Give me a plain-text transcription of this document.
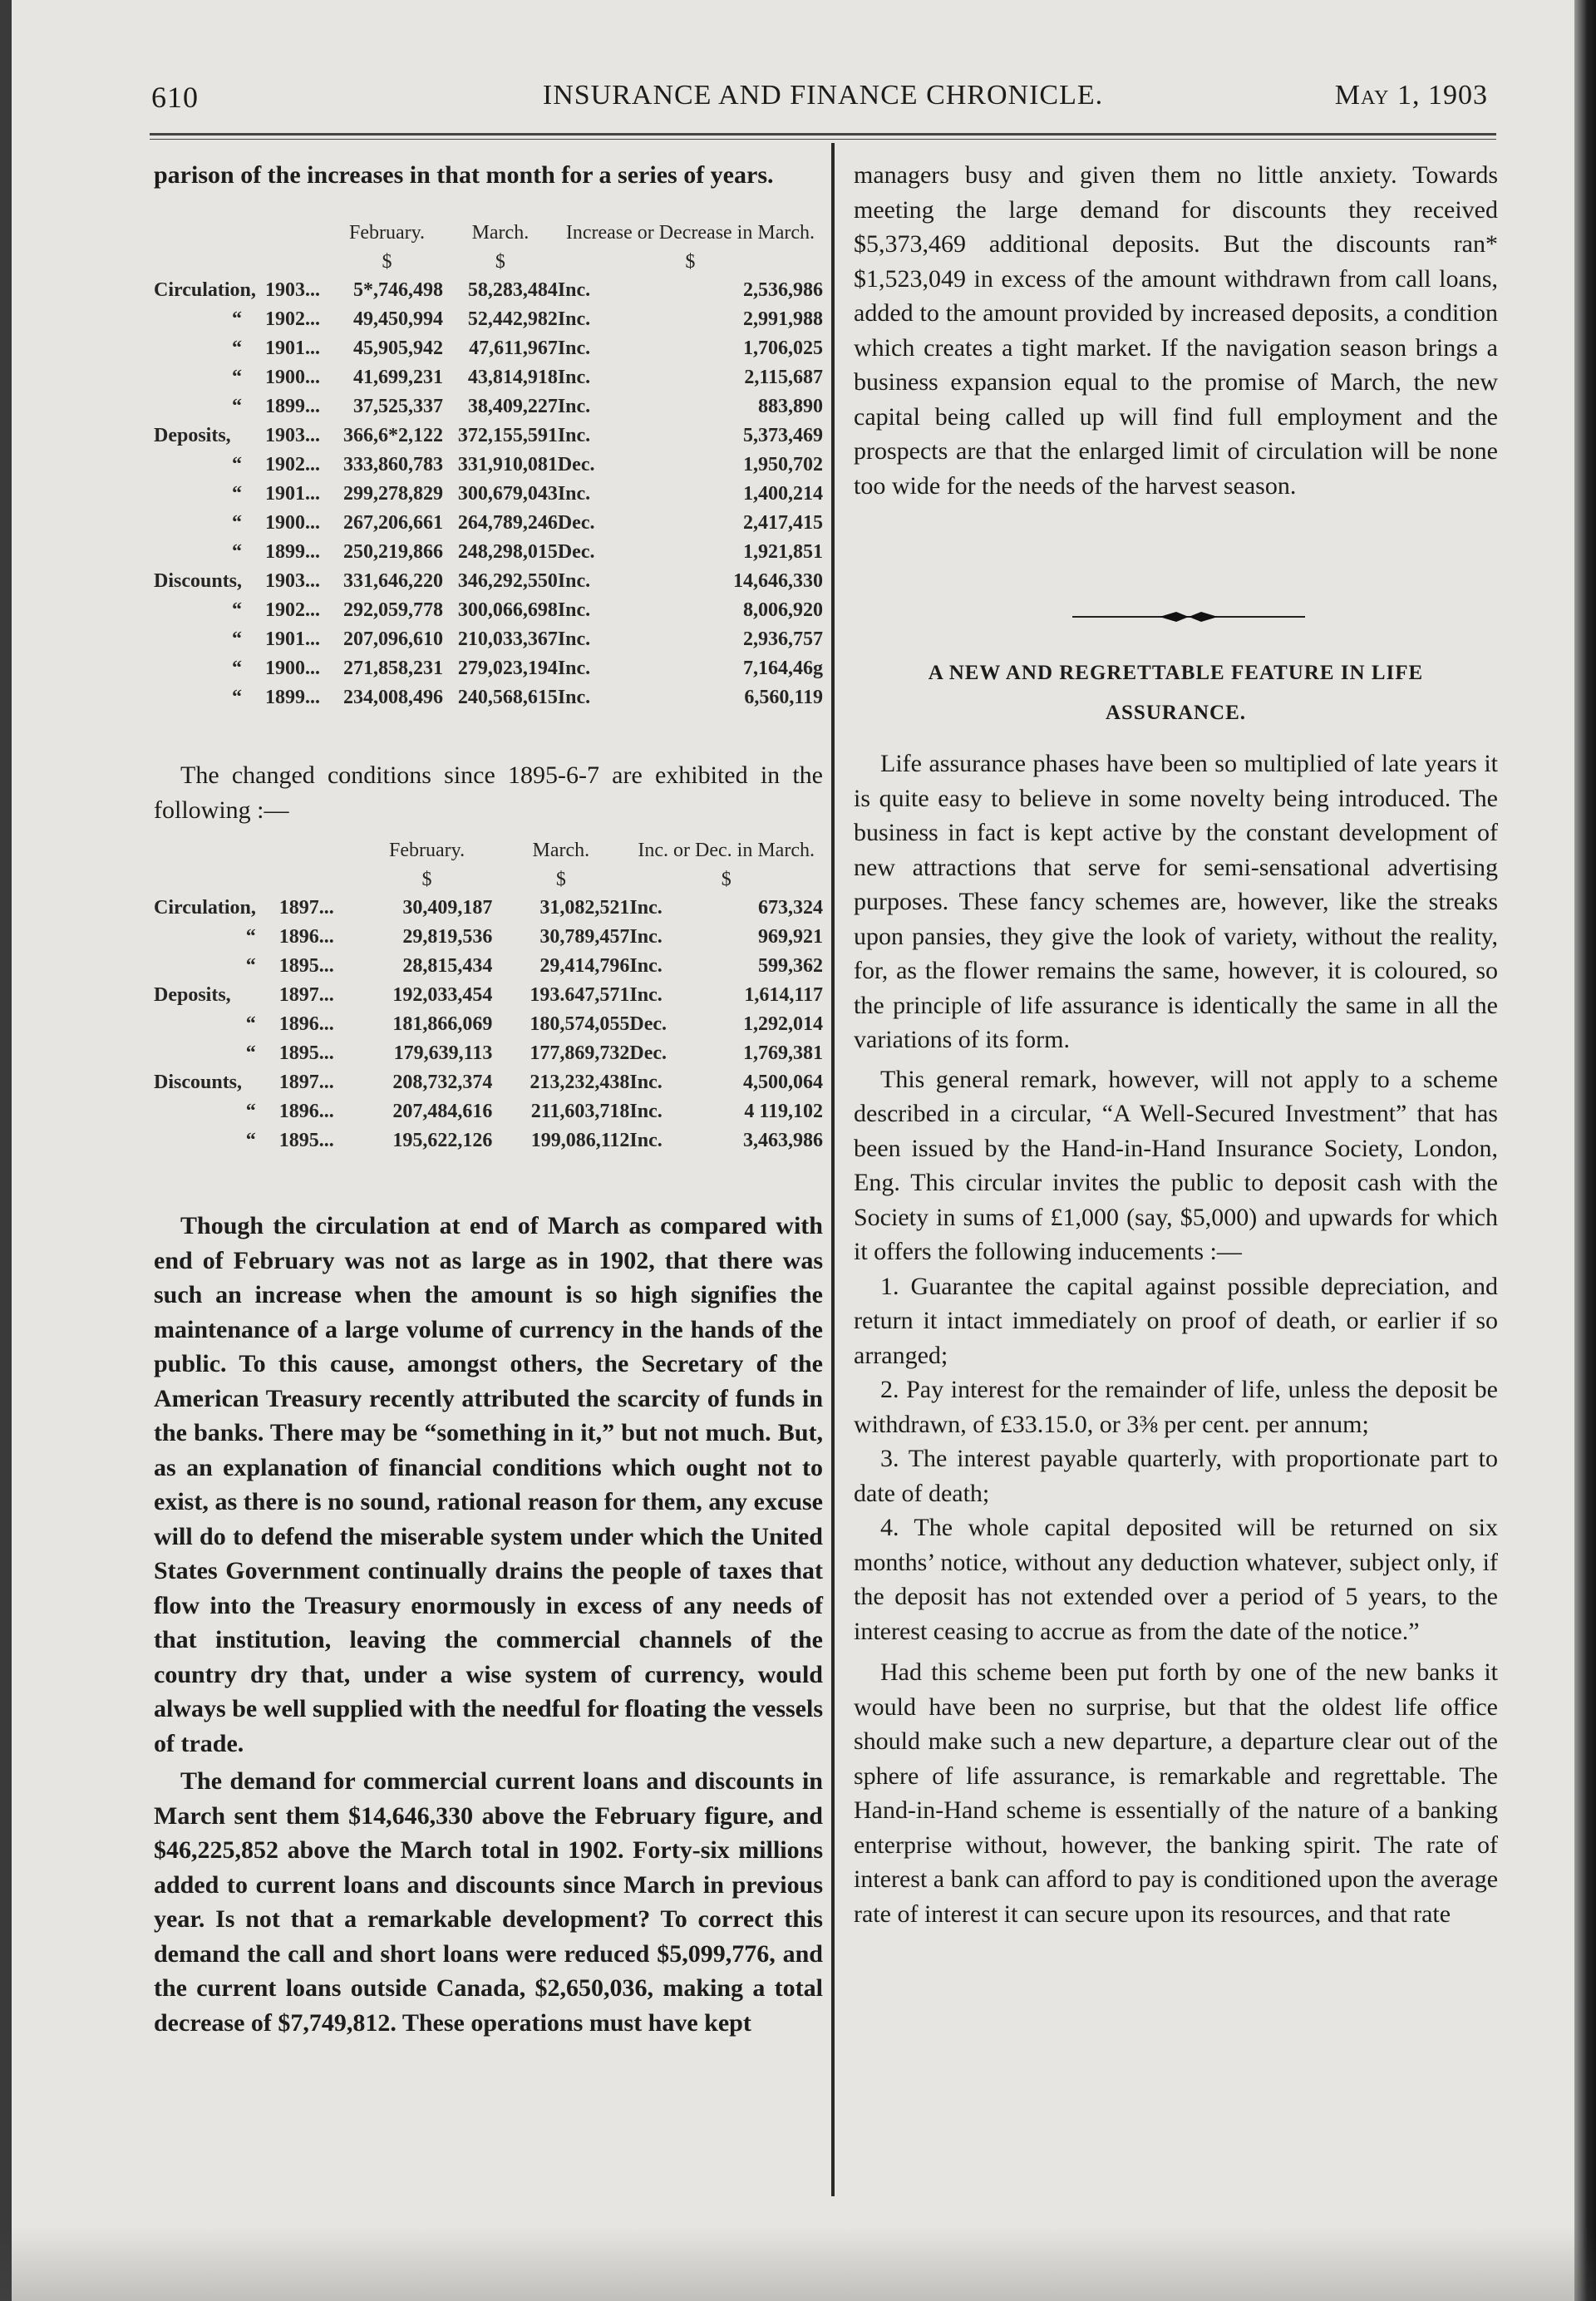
610	INSURANCE AND FINANCE CHRONICLE.	May 1, 1903

parison of the increases in that month for a series of years.

		February.	March.	Increase or Decrease in March.	
		$	$	$	
Circulation,	1903...	5*,746,498	58,283,484	Inc.	2,536,986
“	1902...	49,450,994	52,442,982	Inc.	2,991,988
“	1901...	45,905,942	47,611,967	Inc.	1,706,025
“	1900...	41,699,231	43,814,918	Inc.	2,115,687
“	1899...	37,525,337	38,409,227	Inc.	883,890
Deposits,	1903...	366,6*2,122	372,155,591	Inc.	5,373,469
“	1902...	333,860,783	331,910,081	Dec.	1,950,702
“	1901...	299,278,829	300,679,043	Inc.	1,400,214
“	1900...	267,206,661	264,789,246	Dec.	2,417,415
“	1899...	250,219,866	248,298,015	Dec.	1,921,851
Discounts,	1903...	331,646,220	346,292,550	Inc.	14,646,330
“	1902...	292,059,778	300,066,698	Inc.	8,006,920
“	1901...	207,096,610	210,033,367	Inc.	2,936,757
“	1900...	271,858,231	279,023,194	Inc.	7,164,46g
“	1899...	234,008,496	240,568,615	Inc.	6,560,119

The changed conditions since 1895-6-7 are exhibited in the following :—

		February.	March.	Inc. or Dec. in March.	
		$	$	$	
Circulation,	1897...	30,409,187	31,082,521	Inc.	673,324
“	1896...	29,819,536	30,789,457	Inc.	969,921
“	1895...	28,815,434	29,414,796	Inc.	599,362
Deposits,	1897...	192,033,454	193.647,571	Inc.	1,614,117
“	1896...	181,866,069	180,574,055	Dec.	1,292,014
“	1895...	179,639,113	177,869,732	Dec.	1,769,381
Discounts,	1897...	208,732,374	213,232,438	Inc.	4,500,064
“	1896...	207,484,616	211,603,718	Inc.	4 119,102
“	1895...	195,622,126	199,086,112	Inc.	3,463,986

Though the circulation at end of March as compared with end of February was not as large as in 1902, that there was such an increase when the amount is so high signifies the maintenance of a large volume of currency in the hands of the public. To this cause, amongst others, the Secretary of the American Treasury recently attributed the scarcity of funds in the banks. There may be “something in it,” but not much. But, as an explanation of financial conditions which ought not to exist, as there is no sound, rational reason for them, any excuse will do to defend the miserable system under which the United States Government continually drains the people of taxes that flow into the Treasury enormously in excess of any needs of that institution, leaving the commercial channels of the country dry that, under a wise system of currency, would always be well supplied with the needful for floating the vessels of trade.

The demand for commercial current loans and discounts in March sent them $14,646,330 above the February figure, and $46,225,852 above the March total in 1902. Forty-six millions added to current loans and discounts since March in previous year. Is not that a remarkable development? To correct this demand the call and short loans were reduced $5,099,776, and the current loans outside Canada, $2,650,036, making a total decrease of $7,749,812. These operations must have kept

managers busy and given them no little anxiety. Towards meeting the large demand for discounts they received $5,373,469 additional deposits. But the discounts ran* $1,523,049 in excess of the amount withdrawn from call loans, added to the amount provided by increased deposits, a condition which creates a tight market. If the navigation season brings a business expansion equal to the promise of March, the new capital being called up will find full employment and the prospects are that the enlarged limit of circulation will be none too wide for the needs of the harvest season.

A NEW AND REGRETTABLE FEATURE IN LIFE
ASSURANCE.

Life assurance phases have been so multiplied of late years it is quite easy to believe in some novelty being introduced. The business in fact is kept active by the constant development of new attractions that serve for semi-sensational advertising purposes. These fancy schemes are, however, like the streaks upon pansies, they give the look of variety, without the reality, for, as the flower remains the same, however, it is coloured, so the principle of life assurance is identically the same in all the variations of its form.

This general remark, however, will not apply to a scheme described in a circular, “A Well-Secured Investment” that has been issued by the Hand-in-Hand Insurance Society, London, Eng. This circular invites the public to deposit cash with the Society in sums of £1,000 (say, $5,000) and upwards for which it offers the following inducements :—

1. Guarantee the capital against possible depreciation, and return it intact immediately on proof of death, or earlier if so arranged;

2. Pay interest for the remainder of life, unless the deposit be withdrawn, of £33.15.0, or 3⅜ per cent. per annum;

3. The interest payable quarterly, with proportionate part to date of death;

4. The whole capital deposited will be returned on six months’ notice, without any deduction whatever, subject only, if the deposit has not extended over a period of 5 years, to the interest ceasing to accrue as from the date of the notice.”

Had this scheme been put forth by one of the new banks it would have been no surprise, but that the oldest life office should make such a new departure, a departure clear out of the sphere of life assurance, is remarkable and regrettable. The Hand-in-Hand scheme is essentially of the nature of a banking enterprise without, however, the banking spirit. The rate of interest a bank can afford to pay is conditioned upon the average rate of interest it can secure upon its resources, and that rate
